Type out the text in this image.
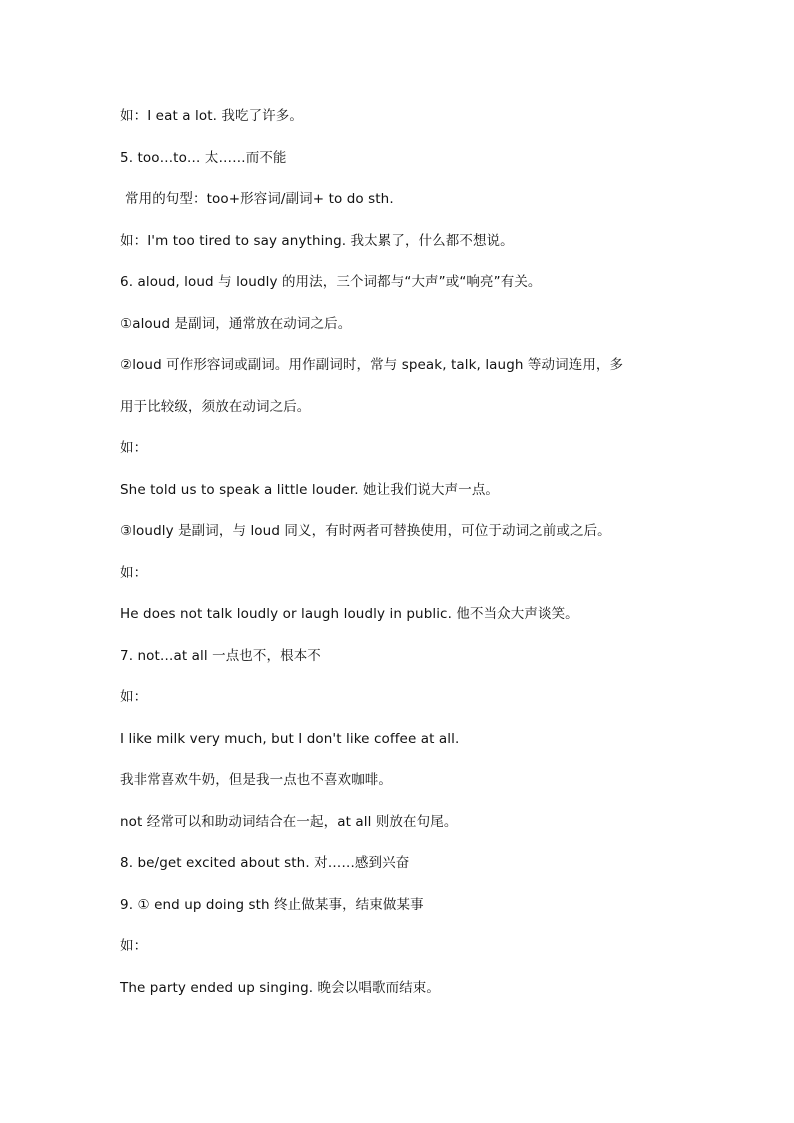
如：I eat a lot. 我吃了许多。
5. too…to… 太……而不能
常用的句型：too+形容词/副词+ to do sth.
如：I'm too tired to say anything. 我太累了，什么都不想说。
6. aloud, loud 与 loudly 的用法，三个词都与“大声”或“响亮”有关。
①aloud 是副词，通常放在动词之后。
②loud 可作形容词或副词。用作副词时，常与 speak, talk, laugh 等动词连用，多
用于比较级，须放在动词之后。
如：
She told us to speak a little louder. 她让我们说大声一点。
③loudly 是副词，与 loud 同义，有时两者可替换使用，可位于动词之前或之后。
如：
He does not talk loudly or laugh loudly in public. 他不当众大声谈笑。
7. not…at all 一点也不，根本不
如：
I like milk very much, but I don't like coffee at all.
我非常喜欢牛奶，但是我一点也不喜欢咖啡。
not 经常可以和助动词结合在一起，at all 则放在句尾。
8. be/get excited about sth. 对……感到兴奋
9. ① end up doing sth 终止做某事，结束做某事
如：
The party ended up singing. 晚会以唱歌而结束。
